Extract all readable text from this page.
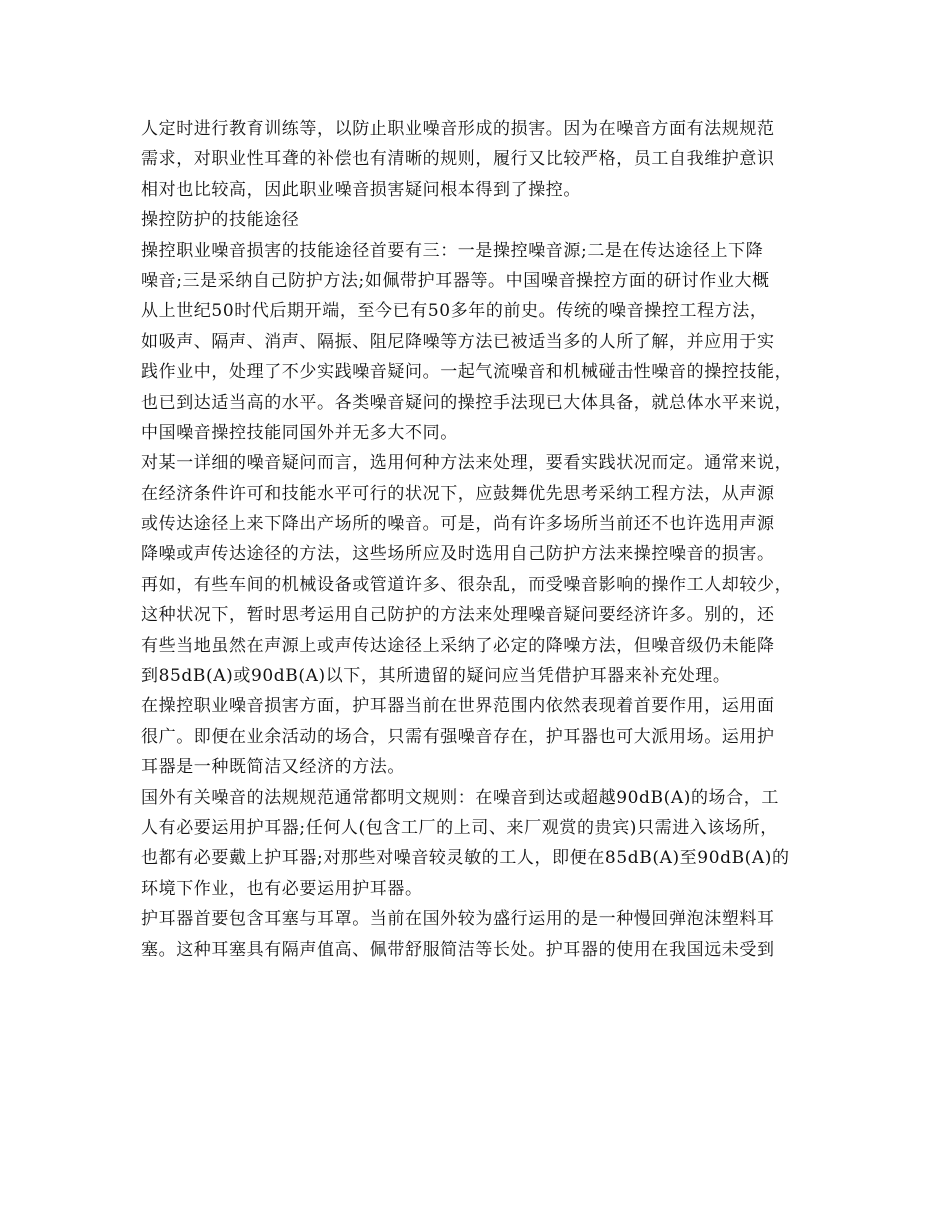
人定时进行教育训练等，以防止职业噪音形成的损害。因为在噪音方面有法规规范
需求，对职业性耳聋的补偿也有清晰的规则，履行又比较严格，员工自我维护意识
相对也比较高，因此职业噪音损害疑问根本得到了操控。
操控防护的技能途径
操控职业噪音损害的技能途径首要有三：一是操控噪音源;二是在传达途径上下降
噪音;三是采纳自己防护方法;如佩带护耳器等。中国噪音操控方面的研讨作业大概
从上世纪50时代后期开端，至今已有50多年的前史。传统的噪音操控工程方法，
如吸声、隔声、消声、隔振、阻尼降噪等方法已被适当多的人所了解，并应用于实
践作业中，处理了不少实践噪音疑问。一起气流噪音和机械碰击性噪音的操控技能，
也已到达适当高的水平。各类噪音疑问的操控手法现已大体具备，就总体水平来说，
中国噪音操控技能同国外并无多大不同。
对某一详细的噪音疑问而言，选用何种方法来处理，要看实践状况而定。通常来说，
在经济条件许可和技能水平可行的状况下，应鼓舞优先思考采纳工程方法，从声源
或传达途径上来下降出产场所的噪音。可是，尚有许多场所当前还不也许选用声源
降噪或声传达途径的方法，这些场所应及时选用自己防护方法来操控噪音的损害。
再如，有些车间的机械设备或管道许多、很杂乱，而受噪音影响的操作工人却较少，
这种状况下，暂时思考运用自己防护的方法来处理噪音疑问要经济许多。别的，还
有些当地虽然在声源上或声传达途径上采纳了必定的降噪方法，但噪音级仍未能降
到85dB(A)或90dB(A)以下，其所遗留的疑问应当凭借护耳器来补充处理。
在操控职业噪音损害方面，护耳器当前在世界范围内依然表现着首要作用，运用面
很广。即便在业余活动的场合，只需有强噪音存在，护耳器也可大派用场。运用护
耳器是一种既简洁又经济的方法。
国外有关噪音的法规规范通常都明文规则：在噪音到达或超越90dB(A)的场合，工
人有必要运用护耳器;任何人(包含工厂的上司、来厂观赏的贵宾)只需进入该场所，
也都有必要戴上护耳器;对那些对噪音较灵敏的工人，即便在85dB(A)至90dB(A)的
环境下作业，也有必要运用护耳器。
护耳器首要包含耳塞与耳罩。当前在国外较为盛行运用的是一种慢回弹泡沫塑料耳
塞。这种耳塞具有隔声值高、佩带舒服简洁等长处。护耳器的使用在我国远未受到
